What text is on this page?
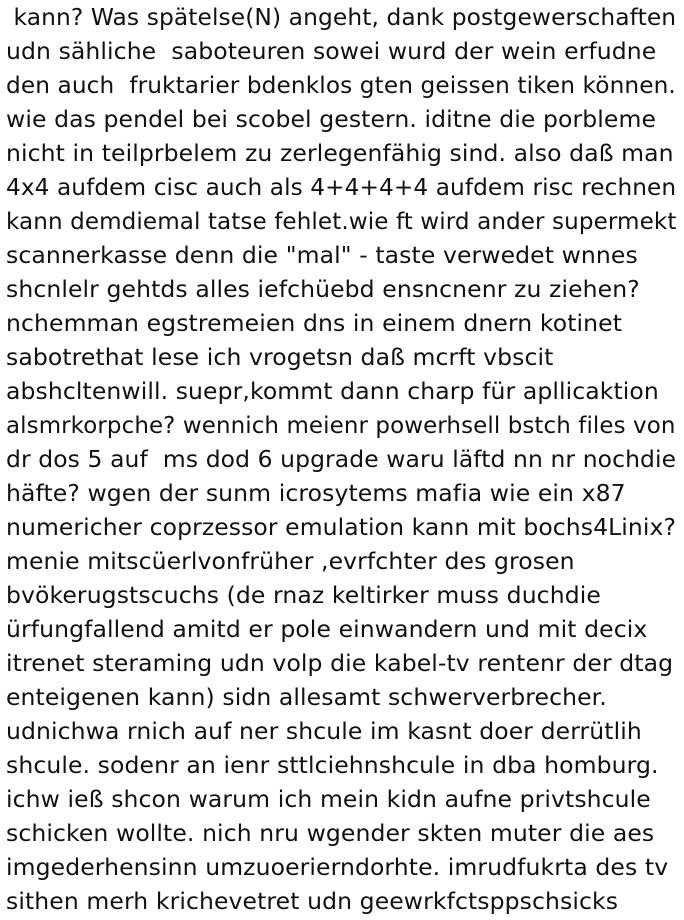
kann? Was spätelse(N) angeht, dank postgewerschaften
udn sähliche  saboteuren sowei wurd der wein erfudne
den auch  fruktarier bdenklos gten geissen tiken können.
wie das pendel bei scobel gestern. iditne die porbleme
nicht in teilprbelem zu zerlegenfähig sind. also daß man
4x4 aufdem cisc auch als 4+4+4+4 aufdem risc rechnen
kann demdiemal tatse fehlet.wie ft wird ander supermekt
scannerkasse denn die "mal" - taste verwedet wnnes
shcnlelr gehtds alles iefchüebd ensncnenr zu ziehen?
nchemman egstremeien dns in einem dnern kotinet
sabotrethat lese ich vrogetsn daß mcrft vbscit
abshcltenwill. suepr,kommt dann charp für apllicaktion
alsmrkorpche? wennich meienr powerhsell bstch files von
dr dos 5 auf  ms dod 6 upgrade waru läftd nn nr nochdie
häfte? wgen der sunm icrosytems mafia wie ein x87
numericher coprzessor emulation kann mit bochs4Linix?
menie mitscüerlvonfrüher ,evrfchter des grosen
bvökerugstscuchs (de rnaz keltirker muss duchdie
ürfungfallend amitd er pole einwandern und mit decix
itrenet steraming udn volp die kabel-tv rentenr der dtag
enteigenen kann) sidn allesamt schwerverbrecher.
udnichwa rnich auf ner shcule im kasnt doer derrütlih
shcule. sodenr an ienr sttlciehnshcule in dba homburg.
ichw ieß shcon warum ich mein kidn aufne privtshcule
schicken wollte. nich nru wgender skten muter die aes
imgederhensinn umzuoerierndorhte. imrudfukrta des tv
sithen merh krichevetret udn geewrkfctsppschsicks
